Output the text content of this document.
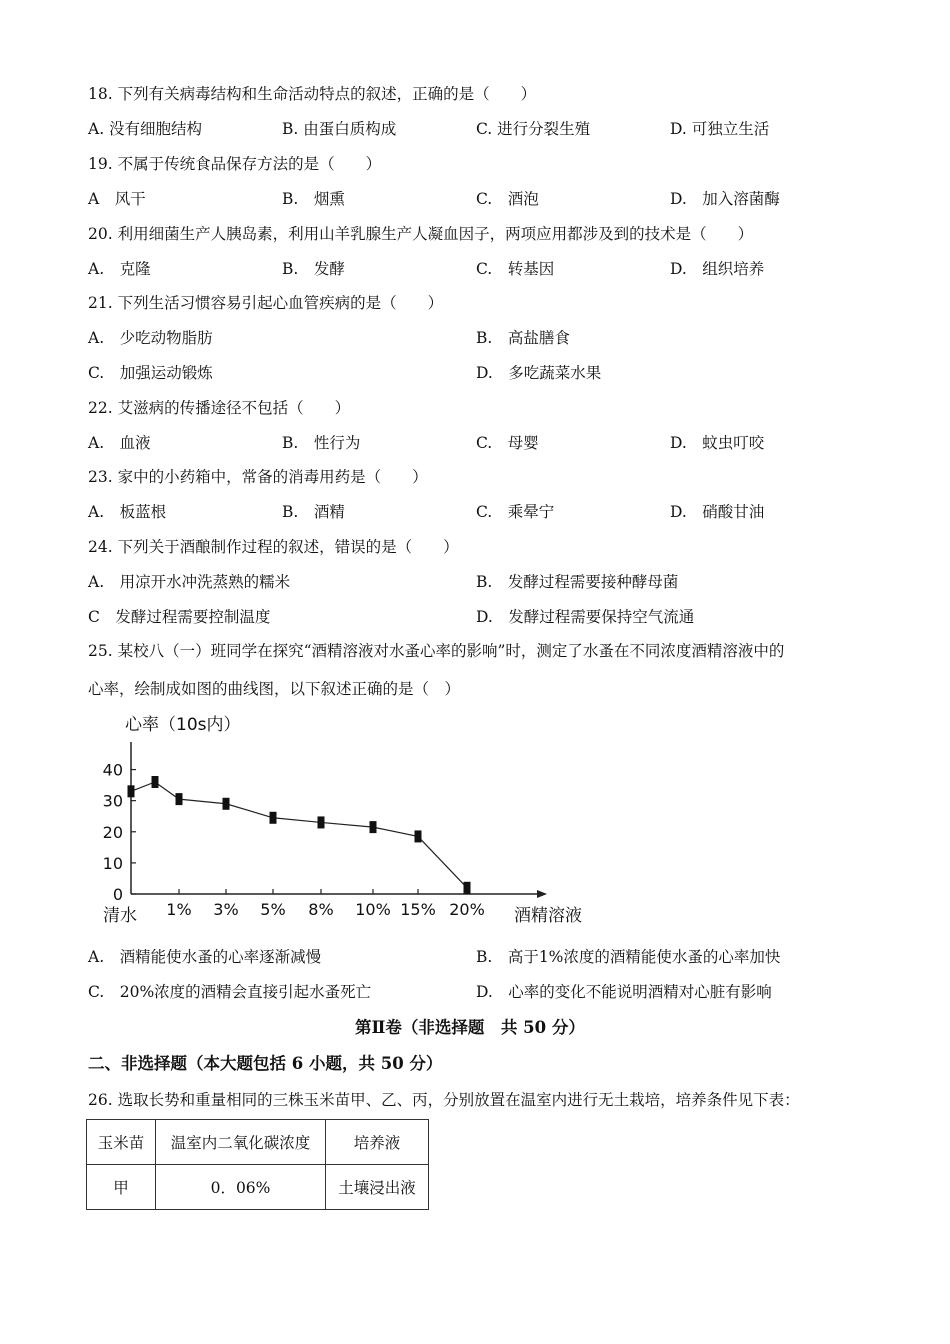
18. 下列有关病毒结构和生命活动特点的叙述，正确的是（　　）
A. 没有细胞结构	B. 由蛋白质构成	C. 进行分裂生殖	D. 可独立生活
19. 不属于传统食品保存方法的是（　　）
A　风干	B.　烟熏	C.　酒泡	D.　加入溶菌酶
20. 利用细菌生产人胰岛素，利用山羊乳腺生产人凝血因子，两项应用都涉及到的技术是（　　）
A.　克隆	B.　发酵	C.　转基因	D.　组织培养
21. 下列生活习惯容易引起心血管疾病的是（　　）
A.　少吃动物脂肪	B.　高盐膳食
C.　加强运动锻炼	D.　多吃蔬菜水果
22. 艾滋病的传播途径不包括（　　）
A.　血液	B.　性行为	C.　母婴	D.　蚊虫叮咬
23. 家中的小药箱中，常备的消毒用药是（　　）
A.　板蓝根	B.　酒精	C.　乘晕宁	D.　硝酸甘油
24. 下列关于酒酿制作过程的叙述，错误的是（　　）
A.　用凉开水冲洗蒸熟的糯米	B.　发酵过程需要接种酵母菌
C　发酵过程需要控制温度	D.　发酵过程需要保持空气流通
25. 某校八（一）班同学在探究“酒精溶液对水蚤心率的影响”时，测定了水蚤在不同浓度酒精溶液中的
心率，绘制成如图的曲线图，以下叙述正确的是（　）
心率（10s内）
酒精溶液
清水
0
10
20
30
40
1% 3% 5% 8% 10% 15% 20%
A.　酒精能使水蚤的心率逐渐减慢	B.　高于1%浓度的酒精能使水蚤的心率加快
C.　20%浓度的酒精会直接引起水蚤死亡	D.　心率的变化不能说明酒精对心脏有影响
第Ⅱ卷（非选择题　共 50 分）
二、非选择题（本大题包括 6 小题，共 50 分）
26. 选取长势和重量相同的三株玉米苗甲、乙、丙，分别放置在温室内进行无土栽培，培养条件见下表：
玉米苗	温室内二氧化碳浓度	培养液
甲	0．06%	土壤浸出液
